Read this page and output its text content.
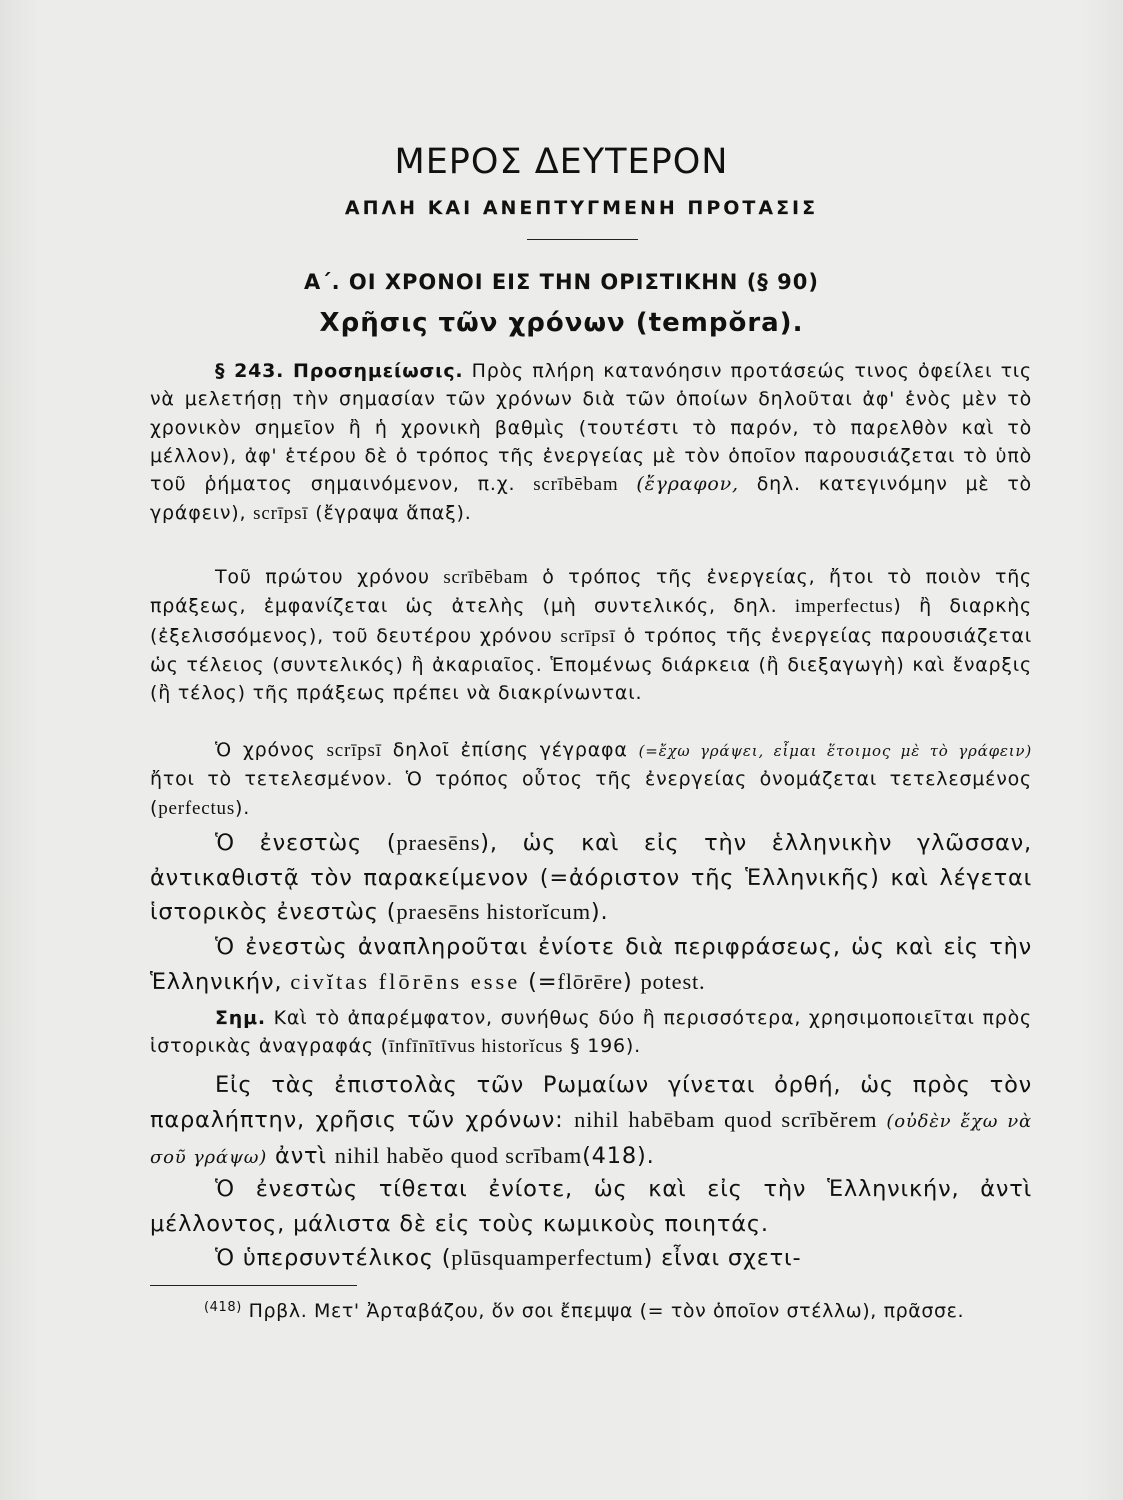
ΜΕΡΟΣ ΔΕΥΤΕΡΟΝ
ΑΠΛΗ ΚΑΙ ΑΝΕΠΤΥΓΜΕΝΗ ΠΡΟΤΑΣΙΣ
Α΄. ΟΙ ΧΡΟΝΟΙ ΕΙΣ ΤΗΝ ΟΡΙΣΤΙΚΗΝ (§ 90)
Χρῆσις τῶν χρόνων (tempŏra).

§ 243. Προσημείωσις. Πρὸς πλήρη κατανόησιν προτάσεώς τινος ὀφείλει τις νὰ μελετήσῃ τὴν σημασίαν τῶν χρόνων διὰ τῶν ὁποίων δηλοῦται ἀφ' ἑνὸς μὲν τὸ χρονικὸν σημεῖον ἢ ἡ χρονικὴ βαθμὶς (τουτέστι τὸ παρόν, τὸ παρελθὸν καὶ τὸ μέλλον), ἀφ' ἑτέρου δὲ ὁ τρόπος τῆς ἐνεργείας μὲ τὸν ὁποῖον παρουσιάζεται τὸ ὑπὸ τοῦ ῥήματος σημαινόμενον, π.χ. scrībēbam (ἔγραφον, δηλ. κατεγινόμην μὲ τὸ γράφειν), scrīpsī (ἔγραψα ἅπαξ).

Τοῦ πρώτου χρόνου scrībēbam ὁ τρόπος τῆς ἐνεργείας, ἤτοι τὸ ποιὸν τῆς πράξεως, ἐμφανίζεται ὡς ἀτελὴς (μὴ συντελικός, δηλ. imperfectus) ἢ διαρκὴς (ἐξελισσόμενος), τοῦ δευτέρου χρόνου scrīpsī ὁ τρόπος τῆς ἐνεργείας παρουσιάζεται ὡς τέλειος (συντελικός) ἢ ἀκαριαῖος. Ἑπομένως διάρκεια (ἢ διεξαγωγὴ) καὶ ἔναρξις (ἢ τέλος) τῆς πράξεως πρέπει νὰ διακρίνωνται.

Ὁ χρόνος scrīpsī δηλοῖ ἐπίσης γέγραφα (=ἔχω γράψει, εἶμαι ἕτοιμος μὲ τὸ γράφειν) ἤτοι τὸ τετελεσμένον. Ὁ τρόπος οὗτος τῆς ἐνεργείας ὀνομάζεται τετελεσμένος (perfectus).

Ὁ ἐνεστὼς (praesēns), ὡς καὶ εἰς τὴν ἑλληνικὴν γλῶσσαν, ἀντικαθιστᾷ τὸν παρακείμενον (=ἀόριστον τῆς Ἑλληνικῆς) καὶ λέγεται ἱστορικὸς ἐνεστὼς (praesēns historĭcum).

Ὁ ἐνεστὼς ἀναπληροῦται ἐνίοτε διὰ περιφράσεως, ὡς καὶ εἰς τὴν Ἑλληνικήν, civĭtas flōrēns esse (=flōrēre) potest.

Σημ. Καὶ τὸ ἀπαρέμφατον, συνήθως δύο ἢ περισσότερα, χρησιμοποιεῖται πρὸς ἱστορικὰς ἀναγραφάς (īnfīnītīvus historĭcus § 196).

Εἰς τὰς ἐπιστολὰς τῶν Ρωμαίων γίνεται ὀρθή, ὡς πρὸς τὸν παραλήπτην, χρῆσις τῶν χρόνων: nihil habēbam quod scrībĕrem (οὐδὲν ἔχω νὰ σοῦ γράψω) ἀντὶ nihil habĕo quod scrībam(418).

Ὁ ἐνεστὼς τίθεται ἐνίοτε, ὡς καὶ εἰς τὴν Ἑλληνικήν, ἀντὶ μέλλοντος, μάλιστα δὲ εἰς τοὺς κωμικοὺς ποιητάς.

Ὁ ὑπερσυντέλικος (plūsquamperfectum) εἶναι σχετι-

$^{(418)}$ Πρβλ. Μετ' Ἀρταβάζου, ὅν σοι ἔπεμψα (= τὸν ὁποῖον στέλλω), πρᾶσσε.
